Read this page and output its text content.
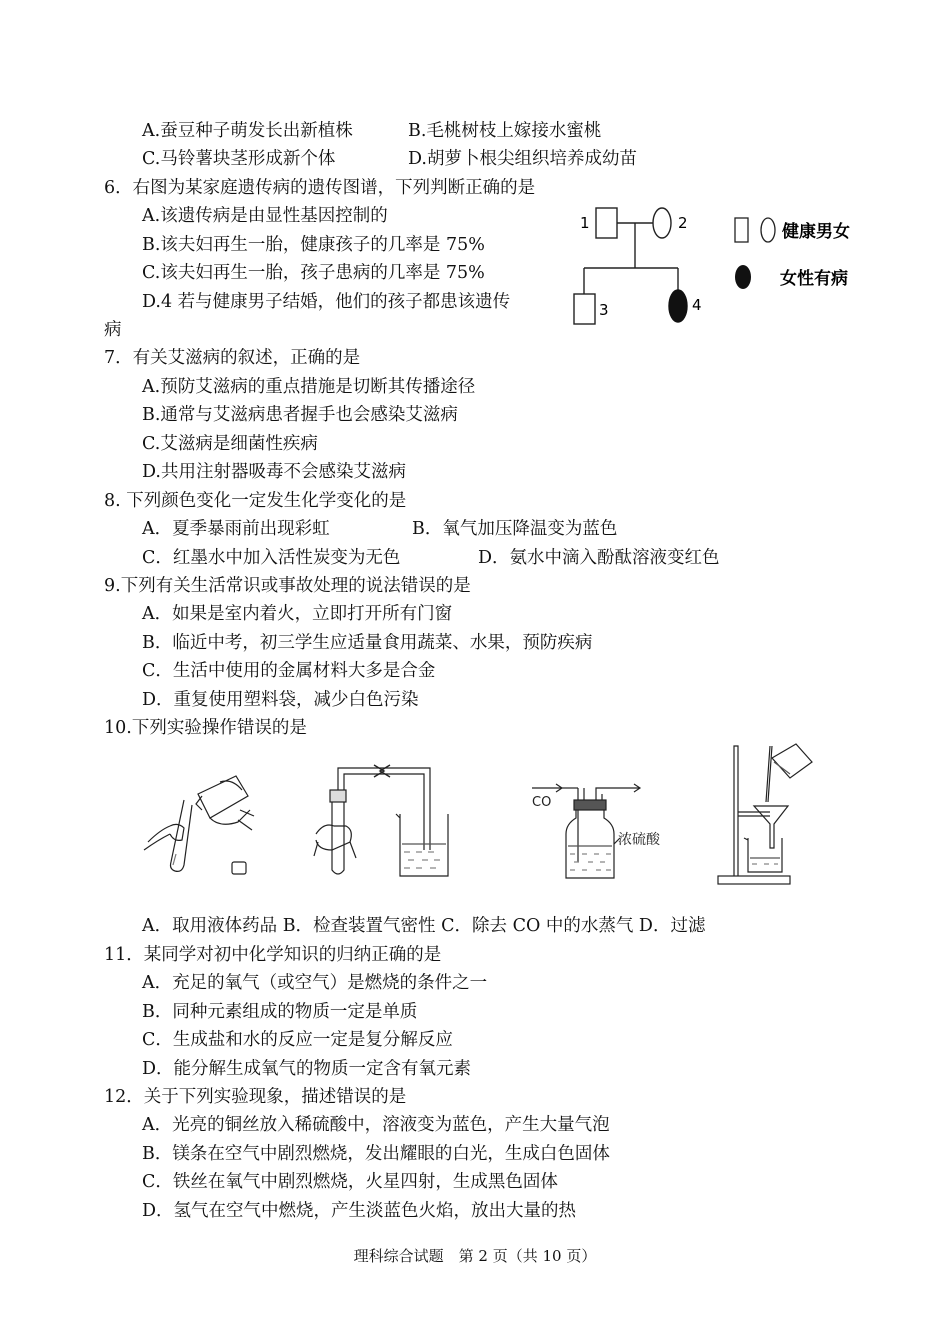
A.蚕豆种子萌发长出新植株	B.毛桃树枝上嫁接水蜜桃
C.马铃薯块茎形成新个体	D.胡萝卜根尖组织培养成幼苗
6．右图为某家庭遗传病的遗传图谱，下列判断正确的是
A.该遗传病是由显性基因控制的
B.该夫妇再生一胎，健康孩子的几率是 75%
C.该夫妇再生一胎，孩子患病的几率是 75%
D.4 若与健康男子结婚，他们的孩子都患该遗传
病
1	2
3	4
健康男女
女性有病
7．有关艾滋病的叙述，正确的是
A.预防艾滋病的重点措施是切断其传播途径
B.通常与艾滋病患者握手也会感染艾滋病
C.艾滋病是细菌性疾病
D.共用注射器吸毒不会感染艾滋病
8. 下列颜色变化一定发生化学变化的是
A．夏季暴雨前出现彩虹	B．氧气加压降温变为蓝色
C．红墨水中加入活性炭变为无色	D．氨水中滴入酚酞溶液变红色
9.下列有关生活常识或事故处理的说法错误的是
A．如果是室内着火，立即打开所有门窗
B．临近中考，初三学生应适量食用蔬菜、水果，预防疾病
C．生活中使用的金属材料大多是合金
D．重复使用塑料袋，减少白色污染
10.下列实验操作错误的是
CO
浓硫酸
A．取用液体药品 B．检查装置气密性 C．除去 CO 中的水蒸气 D．过滤
11．某同学对初中化学知识的归纳正确的是
A．充足的氧气（或空气）是燃烧的条件之一
B．同种元素组成的物质一定是单质
C．生成盐和水的反应一定是复分解反应
D．能分解生成氧气的物质一定含有氧元素
12．关于下列实验现象，描述错误的是
A．光亮的铜丝放入稀硫酸中，溶液变为蓝色，产生大量气泡
B．镁条在空气中剧烈燃烧，发出耀眼的白光，生成白色固体
C．铁丝在氧气中剧烈燃烧，火星四射，生成黑色固体
D．氢气在空气中燃烧，产生淡蓝色火焰，放出大量的热
理科综合试题　第 2 页（共 10 页）
